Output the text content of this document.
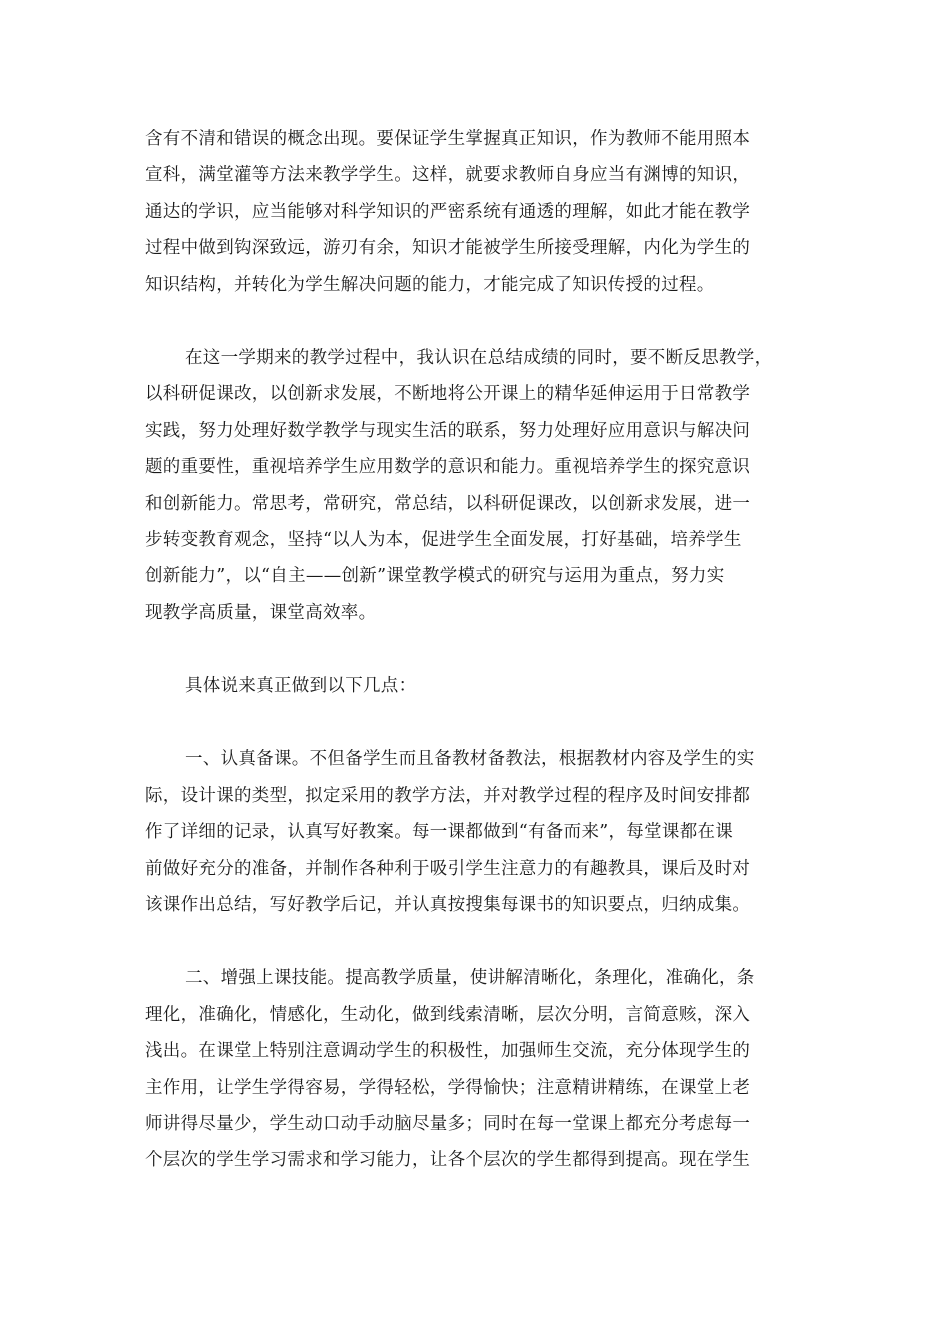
含有不清和错误的概念出现。要保证学生掌握真正知识，作为教师不能用照本
宣科，满堂灌等方法来教学学生。这样，就要求教师自身应当有渊博的知识，
通达的学识，应当能够对科学知识的严密系统有通透的理解，如此才能在教学
过程中做到钩深致远，游刃有余，知识才能被学生所接受理解，内化为学生的
知识结构，并转化为学生解决问题的能力，才能完成了知识传授的过程。
在这一学期来的教学过程中，我认识在总结成绩的同时，要不断反思教学，
以科研促课改，以创新求发展，不断地将公开课上的精华延伸运用于日常教学
实践，努力处理好数学教学与现实生活的联系，努力处理好应用意识与解决问
题的重要性，重视培养学生应用数学的意识和能力。重视培养学生的探究意识
和创新能力。常思考，常研究，常总结，以科研促课改，以创新求发展，进一
步转变教育观念，坚持“以人为本，促进学生全面发展，打好基础，培养学生
创新能力”，以“自主——创新”课堂教学模式的研究与运用为重点，努力实
现教学高质量，课堂高效率。
具体说来真正做到以下几点：
一、认真备课。不但备学生而且备教材备教法，根据教材内容及学生的实
际，设计课的类型，拟定采用的教学方法，并对教学过程的程序及时间安排都
作了详细的记录，认真写好教案。每一课都做到“有备而来”，每堂课都在课
前做好充分的准备，并制作各种利于吸引学生注意力的有趣教具，课后及时对
该课作出总结，写好教学后记，并认真按搜集每课书的知识要点，归纳成集。
二、增强上课技能。提高教学质量，使讲解清晰化，条理化，准确化，条
理化，准确化，情感化，生动化，做到线索清晰，层次分明，言简意赅，深入
浅出。在课堂上特别注意调动学生的积极性，加强师生交流，充分体现学生的
主作用，让学生学得容易，学得轻松，学得愉快；注意精讲精练，在课堂上老
师讲得尽量少，学生动口动手动脑尽量多；同时在每一堂课上都充分考虑每一
个层次的学生学习需求和学习能力，让各个层次的学生都得到提高。现在学生
